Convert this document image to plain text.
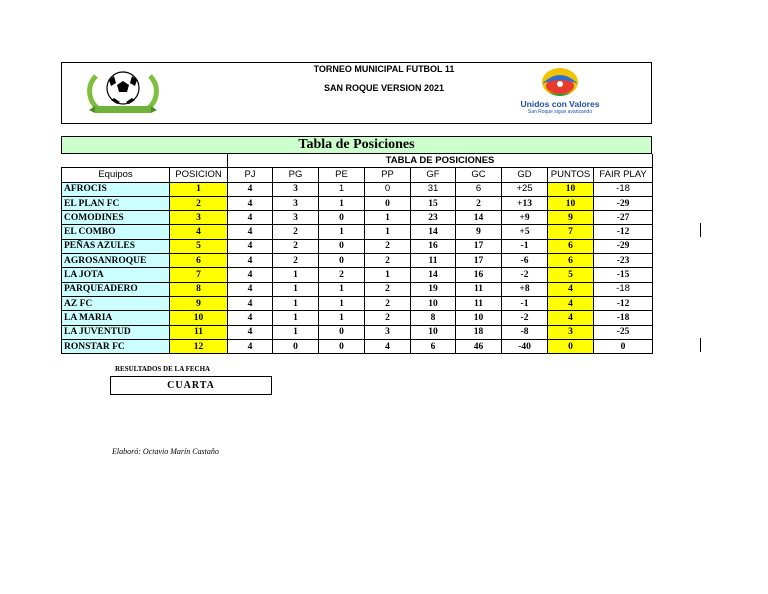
TORNEO MUNICIPAL FUTBOL 11
SAN ROQUE VERSION 2021
Unidos con Valores
San Roque sigue avanzando
Tabla de Posiciones
		TABLA DE POSICIONES								
Equipos	POSICION	PJ	PG	PE	PP	GF	GC	GD	PUNTOS	FAIR PLAY
AFROCIS	1	4	3	1	0	31	6	+25	10	-18
EL PLAN FC	2	4	3	1	0	15	2	+13	10	-29
COMODINES	3	4	3	0	1	23	14	+9	9	-27
EL COMBO	4	4	2	1	1	14	9	+5	7	-12
PEÑAS AZULES	5	4	2	0	2	16	17	-1	6	-29
AGROSANROQUE	6	4	2	0	2	11	17	-6	6	-23
LA JOTA	7	4	1	2	1	14	16	-2	5	-15
PARQUEADERO	8	4	1	1	2	19	11	+8	4	-18
AZ FC	9	4	1	1	2	10	11	-1	4	-12
LA MARIA	10	4	1	1	2	8	10	-2	4	-18
LA JUVENTUD	11	4	1	0	3	10	18	-8	3	-25
RONSTAR FC	12	4	0	0	4	6	46	-40	0	0
RESULTADOS DE LA FECHA
CUARTA
Elaboró: Octavio Marín Castaño
